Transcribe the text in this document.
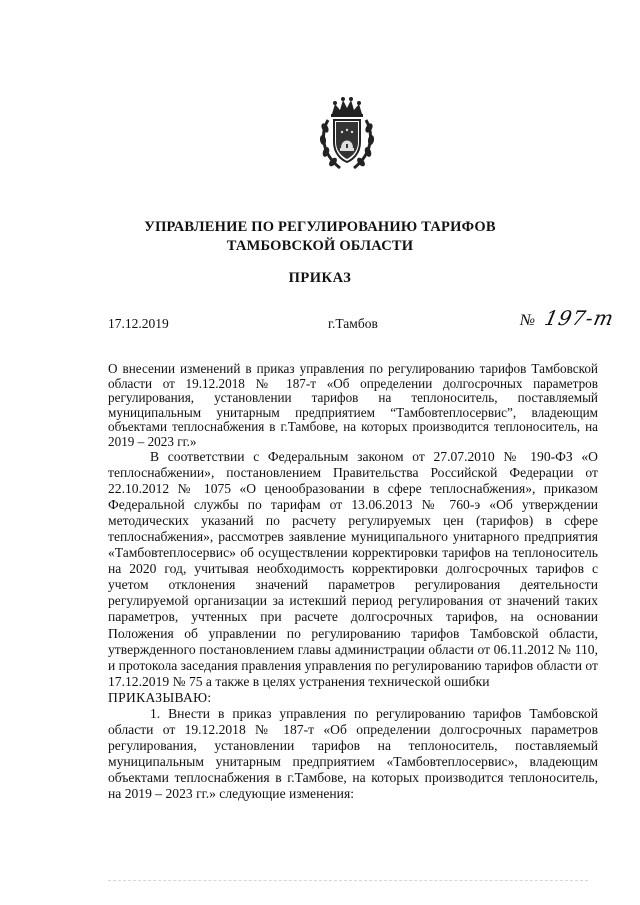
УПРАВЛЕНИЕ ПО РЕГУЛИРОВАНИЮ ТАРИФОВ
ТАМБОВСКОЙ ОБЛАСТИ
ПРИКАЗ
17.12.2019	г.Тамбов	№ 197-т
О внесении изменений в приказ управления по регулированию тарифов Тамбовской области от 19.12.2018 № 187-т «Об определении долгосрочных параметров регулирования, установлении тарифов на теплоноситель, поставляемый муниципальным унитарным предприятием “Тамбовтеплосервис”, владеющим объектами теплоснабжения в г.Тамбове, на которых производится теплоноситель, на 2019 – 2023 гг.»

В соответствии с Федеральным законом от 27.07.2010 № 190-ФЗ «О теплоснабжении», постановлением Правительства Российской Федерации от 22.10.2012 № 1075 «О ценообразовании в сфере теплоснабжения», приказом Федеральной службы по тарифам от 13.06.2013 № 760-э «Об утверждении методических указаний по расчету регулируемых цен (тарифов) в сфере теплоснабжения», рассмотрев заявление муниципального унитарного предприятия «Тамбовтеплосервис» об осуществлении корректировки тарифов на теплоноситель на 2020 год, учитывая необходимость корректировки долгосрочных тарифов с учетом отклонения значений параметров регулирования деятельности регулируемой организации за истекший период регулирования от значений таких параметров, учтенных при расчете долгосрочных тарифов, на основании Положения об управлении по регулированию тарифов Тамбовской области, утвержденного постановлением главы администрации области от 06.11.2012 № 110, и протокола заседания правления управления по регулированию тарифов области от 17.12.2019 № 75 а также в целях устранения технической ошибки

ПРИКАЗЫВАЮ:

1. Внести в приказ управления по регулированию тарифов Тамбовской области от 19.12.2018 № 187-т «Об определении долгосрочных параметров регулирования, установлении тарифов на теплоноситель, поставляемый муниципальным унитарным предприятием «Тамбовтеплосервис», владеющим объектами теплоснабжения в г.Тамбове, на которых производится теплоноситель, на 2019 – 2023 гг.» следующие изменения:
